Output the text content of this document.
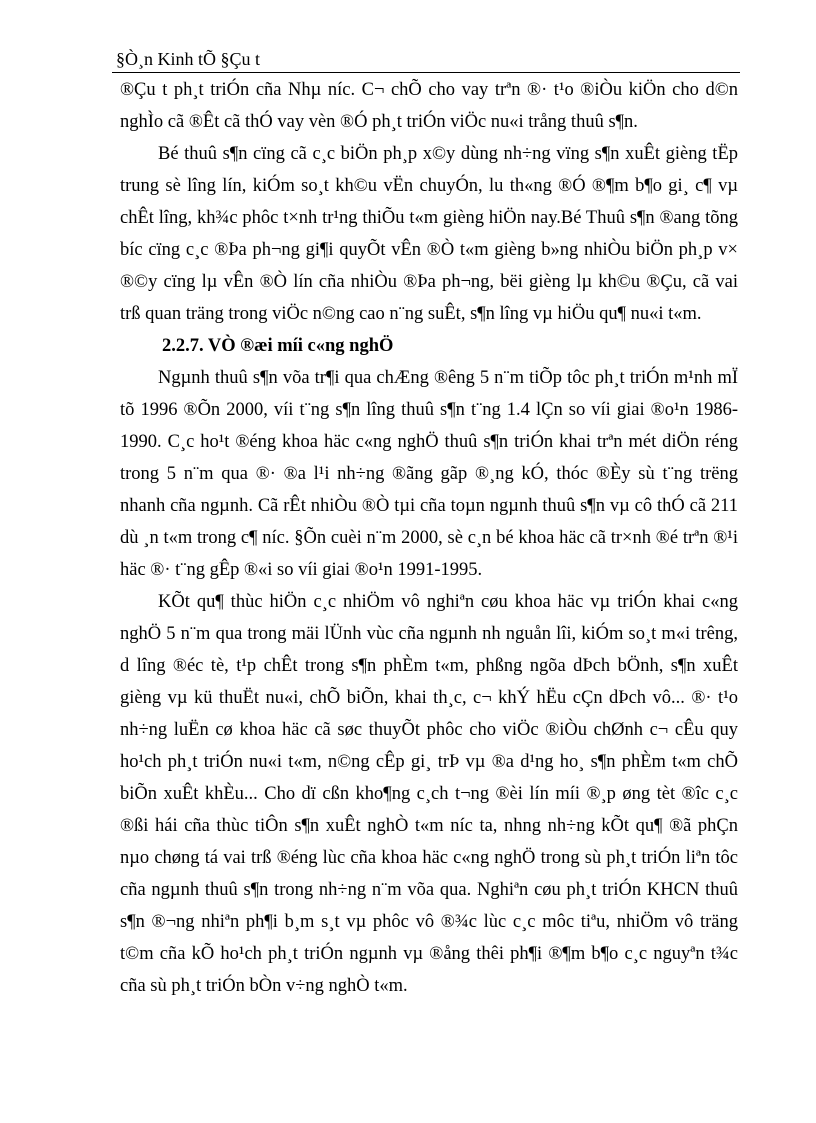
§Ò¸n Kinh tÕ §Çu t

®Çu t ph¸t triÓn cña Nhµ níc. C¬ chÕ cho vay trªn ®· t¹o ®iÒu kiÖn cho d©n nghÌo cã ®Êt cã thÓ vay vèn ®Ó ph¸t triÓn viÖc nu«i trång thuû s¶n.

Bé thuû s¶n cïng cã c¸c biÖn ph¸p x©y dùng nh÷ng vïng s¶n xuÊt gièng tËp trung sè lîng lín, kiÓm so¸t kh©u vËn chuyÓn, lu th«ng ®Ó ®¶m b¶o gi¸ c¶ vµ chÊt lîng, kh¾c phôc t×nh tr¹ng thiÕu t«m gièng hiÖn nay.Bé Thuû s¶n ®ang tõng bíc cïng c¸c ®Þa ph¬ng gi¶i quyÕt vÊn ®Ò t«m gièng b»ng nhiÒu biÖn ph¸p v× ®©y cïng lµ vÊn ®Ò lín cña nhiÒu ®Þa ph¬ng, bëi gièng lµ kh©u ®Çu, cã vai trß quan träng trong viÖc n©ng cao n¨ng suÊt, s¶n lîng vµ hiÖu qu¶ nu«i t«m.

2.2.7. VÒ ®æi míi c«ng nghÖ

Ngµnh thuû s¶n võa tr¶i qua chÆng ®êng 5 n¨m tiÕp tôc ph¸t triÓn m¹nh mÏ tõ 1996 ®Õn 2000, víi t¨ng s¶n lîng thuû s¶n t¨ng 1.4 lÇn so víi giai ®o¹n 1986-1990. C¸c ho¹t ®éng khoa häc c«ng nghÖ thuû s¶n triÓn khai trªn mét diÖn réng trong 5 n¨m qua ®· ®a l¹i nh÷ng ®ãng gãp ®¸ng kÓ, thóc ®Èy sù t¨ng trëng nhanh cña ngµnh. Cã rÊt nhiÒu ®Ò tµi cña toµn ngµnh thuû s¶n vµ cô thÓ cã 211 dù ¸n t«m trong c¶ níc. §Õn cuèi n¨m 2000, sè c¸n bé khoa häc cã tr×nh ®é trªn ®¹i häc ®· t¨ng gÊp ®«i so víi giai ®o¹n 1991-1995.

KÕt qu¶ thùc hiÖn c¸c nhiÖm vô nghiªn cøu khoa häc vµ triÓn khai c«ng nghÖ 5 n¨m qua trong mäi lÜnh vùc cña ngµnh nh nguån lîi, kiÓm so¸t m«i trêng, d lîng ®éc tè, t¹p chÊt trong s¶n phÈm t«m, phßng ngõa dÞch bÖnh, s¶n xuÊt gièng vµ kü thuËt nu«i, chÕ biÕn, khai th¸c, c¬ khÝ hËu cÇn dÞch vô... ®· t¹o nh÷ng luËn cø khoa häc cã søc thuyÕt phôc cho viÖc ®iÒu chØnh c¬ cÊu quy ho¹ch ph¸t triÓn nu«i t«m, n©ng cÊp gi¸ trÞ vµ ®a d¹ng ho¸ s¶n phÈm t«m chÕ biÕn xuÊt khÈu... Cho dï cßn kho¶ng c¸ch t¬ng ®èi lín míi ®¸p øng tèt ®îc c¸c ®ßi hái cña thùc tiÔn s¶n xuÊt nghÒ t«m níc ta, nhng nh÷ng kÕt qu¶ ®ã phÇn nµo chøng tá vai trß ®éng lùc cña khoa häc c«ng nghÖ trong sù ph¸t triÓn liªn tôc cña ngµnh thuû s¶n trong nh÷ng n¨m võa qua. Nghiªn cøu ph¸t triÓn KHCN thuû s¶n ®¬ng nhiªn ph¶i b¸m s¸t vµ phôc vô ®¾c lùc c¸c môc tiªu, nhiÖm vô träng t©m cña kÕ ho¹ch ph¸t triÓn ngµnh vµ ®ång thêi ph¶i ®¶m b¶o c¸c nguyªn t¾c cña sù ph¸t triÓn bÒn v÷ng nghÒ t«m.
